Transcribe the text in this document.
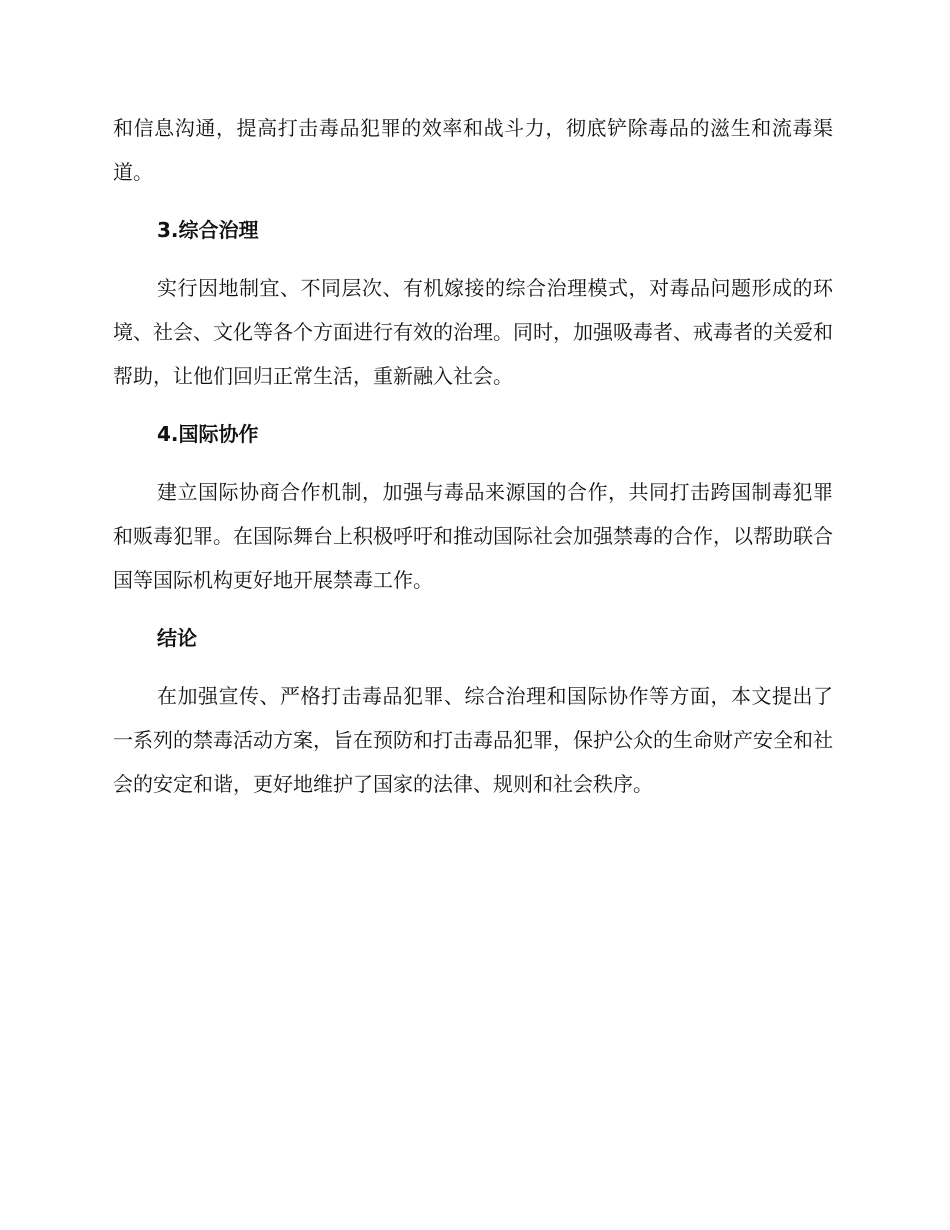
和信息沟通，提高打击毒品犯罪的效率和战斗力，彻底铲除毒品的滋生和流毒渠道。

3.综合治理

实行因地制宜、不同层次、有机嫁接的综合治理模式，对毒品问题形成的环境、社会、文化等各个方面进行有效的治理。同时，加强吸毒者、戒毒者的关爱和帮助，让他们回归正常生活，重新融入社会。

4.国际协作

建立国际协商合作机制，加强与毒品来源国的合作，共同打击跨国制毒犯罪和贩毒犯罪。在国际舞台上积极呼吁和推动国际社会加强禁毒的合作，以帮助联合国等国际机构更好地开展禁毒工作。

结论

在加强宣传、严格打击毒品犯罪、综合治理和国际协作等方面，本文提出了一系列的禁毒活动方案，旨在预防和打击毒品犯罪，保护公众的生命财产安全和社会的安定和谐，更好地维护了国家的法律、规则和社会秩序。
